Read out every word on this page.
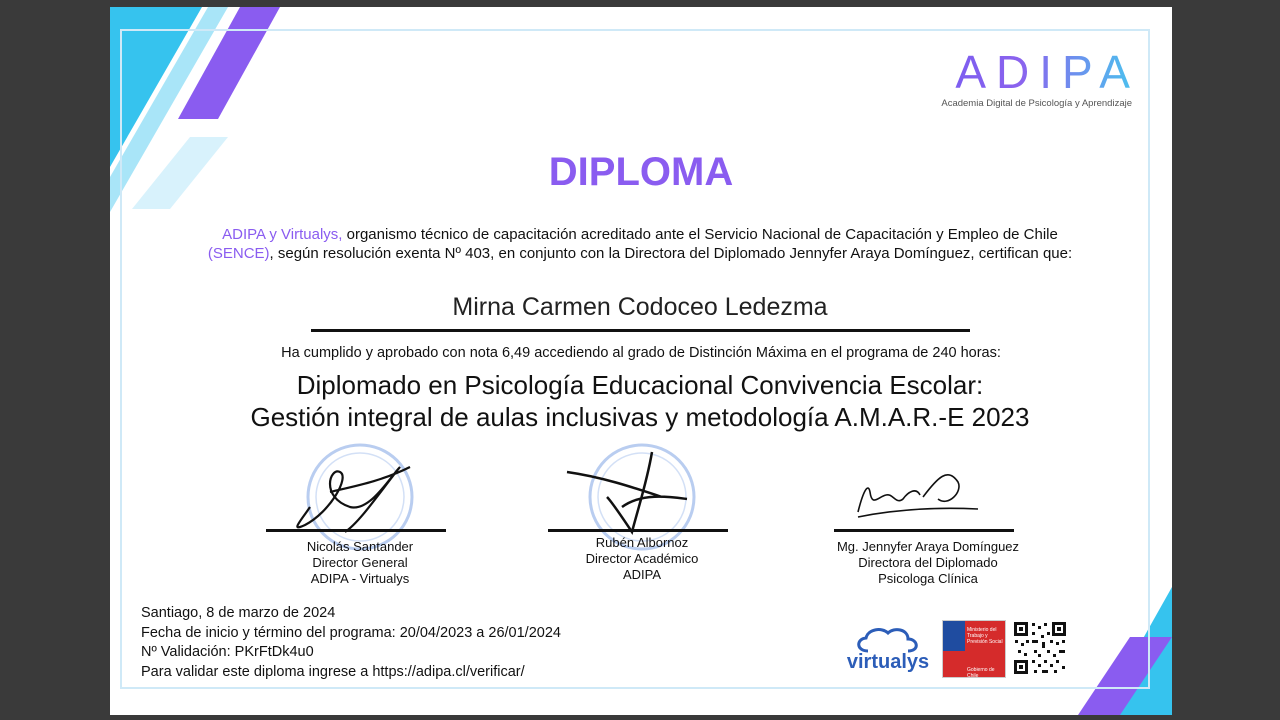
ADIPA
Academia Digital de Psicología y Aprendizaje
DIPLOMA
ADIPA y Virtualys, organismo técnico de capacitación acreditado ante el Servicio Nacional de Capacitación y Empleo de Chile (SENCE), según resolución exenta Nº 403, en conjunto con la Directora del Diplomado Jennyfer Araya Domínguez, certifican que:
Mirna Carmen Codoceo Ledezma
Ha cumplido y aprobado con nota 6,49 accediendo al grado de Distinción Máxima en el programa de 240 horas:
Diplomado en Psicología Educacional Convivencia Escolar:
Gestión integral de aulas inclusivas y metodología A.M.A.R.-E 2023
Nicolás Santander
Director General
ADIPA - Virtualys
Rubén Albornoz
Director Académico
ADIPA
Mg. Jennyfer Araya Domínguez
Directora del Diplomado
Psicologa Clínica
Santiago, 8 de marzo de 2024
Fecha de inicio y término del programa: 20/04/2023 a 26/01/2024
Nº Validación: PKrFtDk4u0
Para validar este diploma ingrese a https://adipa.cl/verificar/	virtualys
Ministerio del Trabajo y Previsión Social
Gobierno de Chile
